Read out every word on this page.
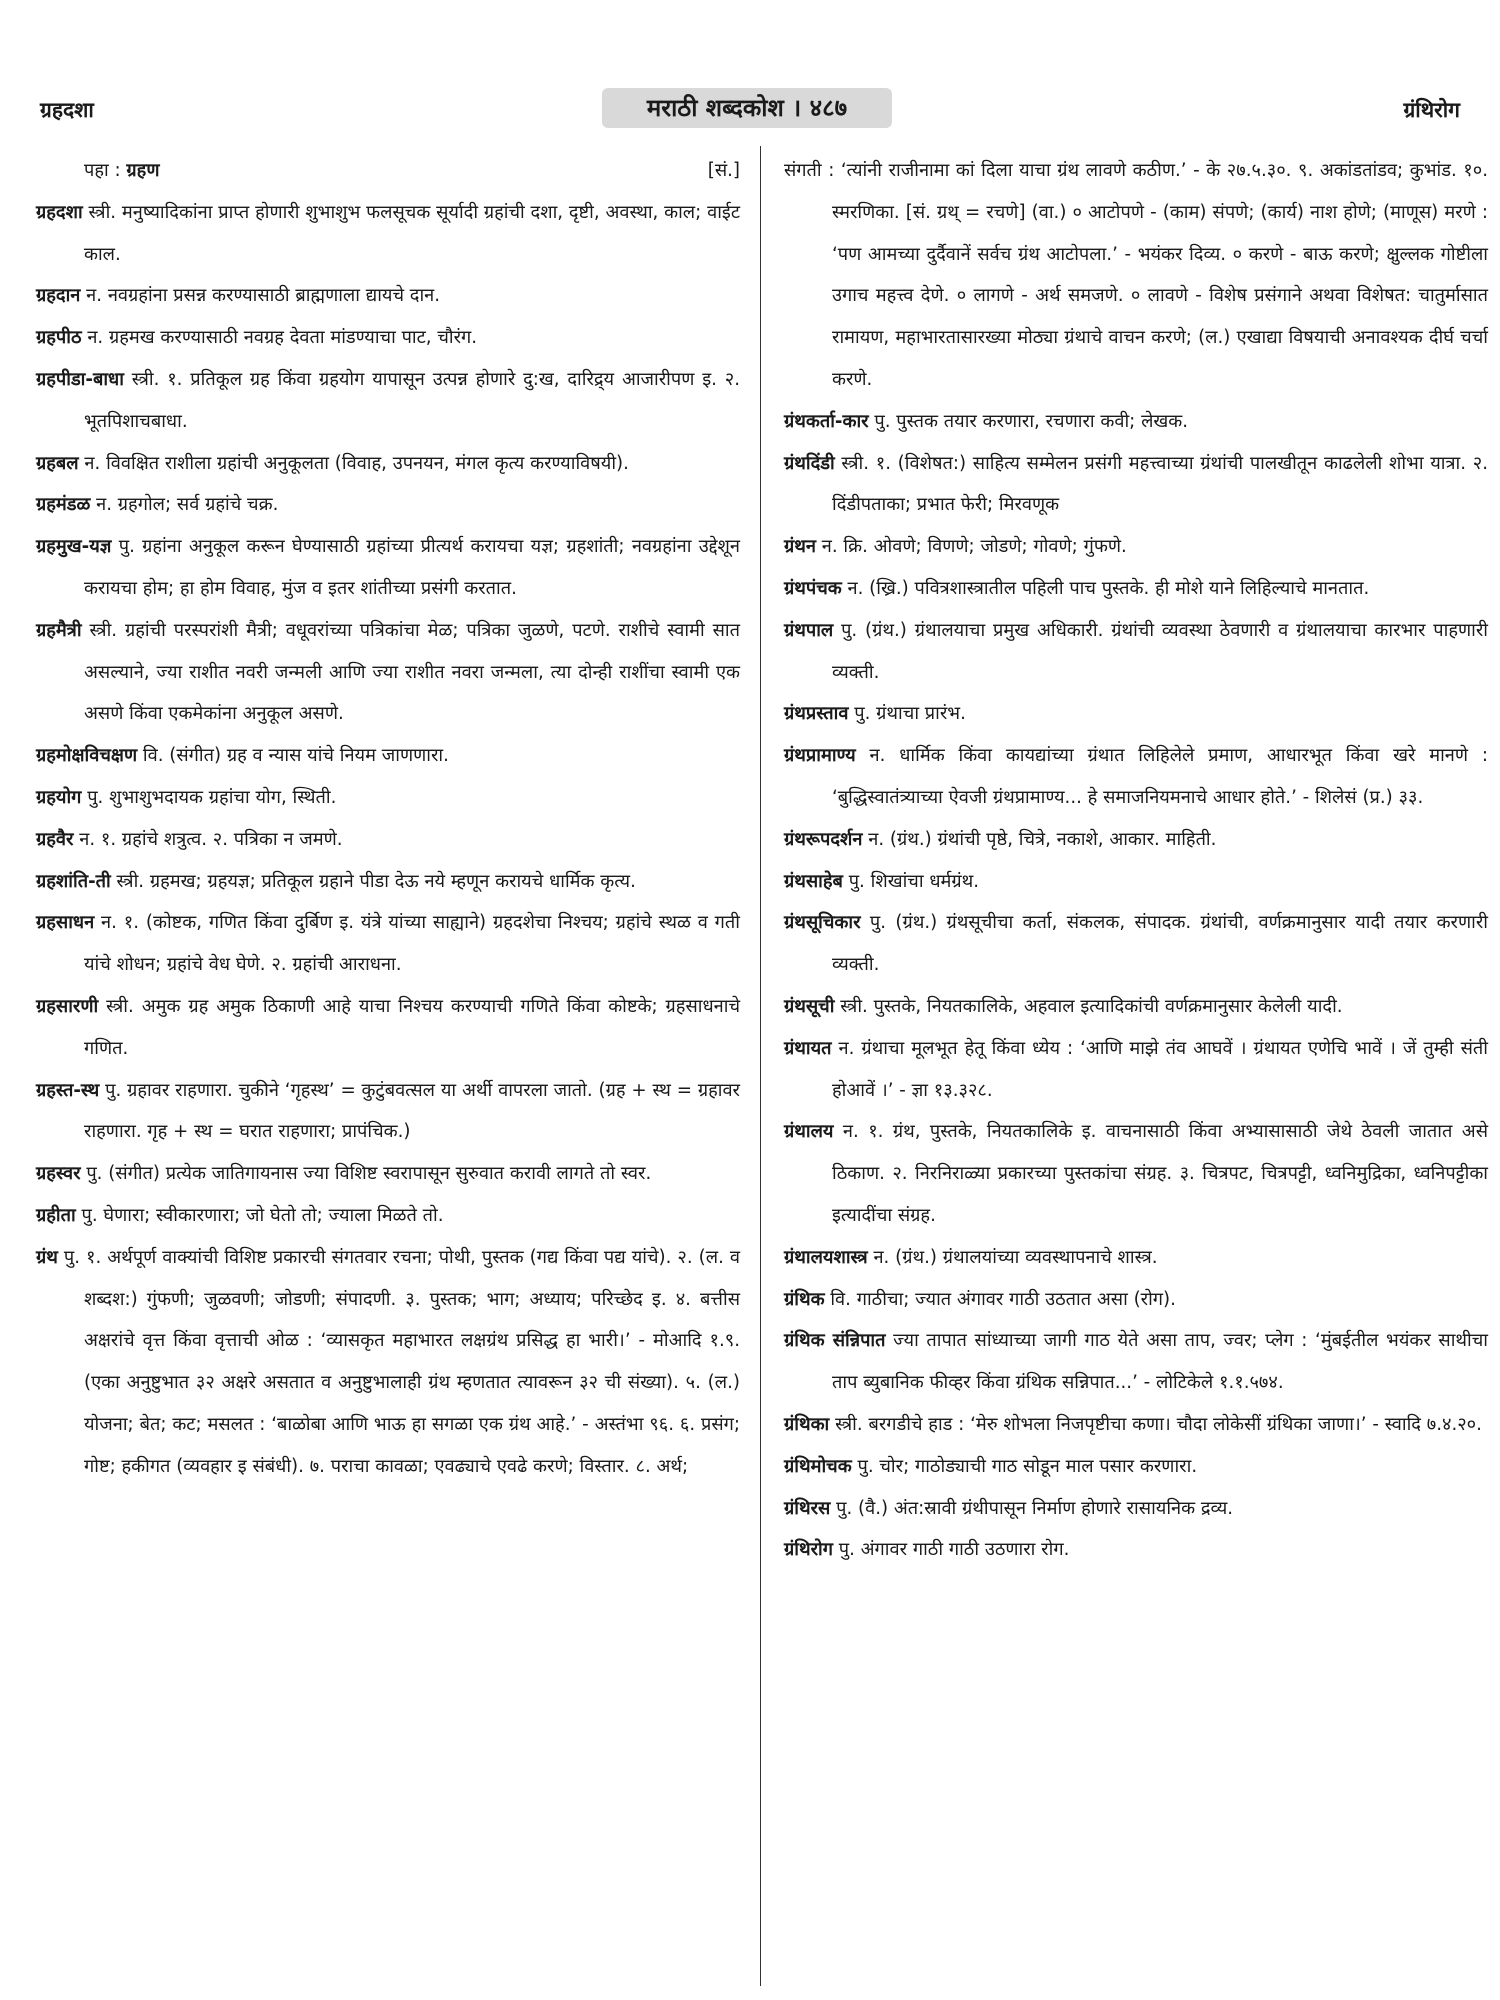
ग्रहदशा	मराठी शब्दकोश । ४८७	ग्रंथिरोग
पहा : ग्रहण	[सं.]

ग्रहदशा स्त्री. मनुष्यादिकांना प्राप्त होणारी शुभाशुभ फलसूचक सूर्यादी ग्रहांची दशा, दृष्टी, अवस्था, काल; वाईट काल.

ग्रहदान न. नवग्रहांना प्रसन्न करण्यासाठी ब्राह्मणाला द्यायचे दान.

ग्रहपीठ न. ग्रहमख करण्यासाठी नवग्रह देवता मांडण्याचा पाट, चौरंग.

ग्रहपीडा-बाधा स्त्री. १. प्रतिकूल ग्रह किंवा ग्रहयोग यापासून उत्पन्न होणारे दु:ख, दारिद्र्य आजारीपण इ. २. भूतपिशाचबाधा.

ग्रहबल न. विवक्षित राशीला ग्रहांची अनुकूलता (विवाह, उपनयन, मंगल कृत्य करण्याविषयी).

ग्रहमंडळ न. ग्रहगोल; सर्व ग्रहांचे चक्र.

ग्रहमुख-यज्ञ पु. ग्रहांना अनुकूल करून घेण्यासाठी ग्रहांच्या प्रीत्यर्थ करायचा यज्ञ; ग्रहशांती; नवग्रहांना उद्देशून करायचा होम; हा होम विवाह, मुंज व इतर शांतीच्या प्रसंगी करतात.

ग्रहमैत्री स्त्री. ग्रहांची परस्परांशी मैत्री; वधूवरांच्या पत्रिकांचा मेळ; पत्रिका जुळणे, पटणे. राशीचे स्वामी सात असल्याने, ज्या राशीत नवरी जन्मली आणि ज्या राशीत नवरा जन्मला, त्या दोन्ही राशींचा स्वामी एक असणे किंवा एकमेकांना अनुकूल असणे.

ग्रहमोक्षविचक्षण वि. (संगीत) ग्रह व न्यास यांचे नियम जाणणारा.

ग्रहयोग पु. शुभाशुभदायक ग्रहांचा योग, स्थिती.

ग्रहवैर न. १. ग्रहांचे शत्रुत्व. २. पत्रिका न जमणे.

ग्रहशांति-ती स्त्री. ग्रहमख; ग्रहयज्ञ; प्रतिकूल ग्रहाने पीडा देऊ नये म्हणून करायचे धार्मिक कृत्य.

ग्रहसाधन न. १. (कोष्टक, गणित किंवा दुर्बिण इ. यंत्रे यांच्या साह्याने) ग्रहदशेचा निश्चय; ग्रहांचे स्थळ व गती यांचे शोधन; ग्रहांचे वेध घेणे. २. ग्रहांची आराधना.

ग्रहसारणी स्त्री. अमुक ग्रह अमुक ठिकाणी आहे याचा निश्चय करण्याची गणिते किंवा कोष्टके; ग्रहसाधनाचे गणित.

ग्रहस्त-स्थ पु. ग्रहावर राहणारा. चुकीने ‘गृहस्थ’ = कुटुंबवत्सल या अर्थी वापरला जातो. (ग्रह + स्थ = ग्रहावर राहणारा. गृह + स्थ = घरात राहणारा; प्रापंचिक.)

ग्रहस्वर पु. (संगीत) प्रत्येक जातिगायनास ज्या विशिष्ट स्वरापासून सुरुवात करावी लागते तो स्वर.

ग्रहीता पु. घेणारा; स्वीकारणारा; जो घेतो तो; ज्याला मिळते तो.

ग्रंथ पु. १. अर्थपूर्ण वाक्यांची विशिष्ट प्रकारची संगतवार रचना; पोथी, पुस्तक (गद्य किंवा पद्य यांचे). २. (ल. व शब्दश:) गुंफणी; जुळवणी; जोडणी; संपादणी. ३. पुस्तक; भाग; अध्याय; परिच्छेद इ. ४. बत्तीस अक्षरांचे वृत्त किंवा वृत्ताची ओळ : ‘व्यासकृत महाभारत लक्षग्रंथ प्रसिद्ध हा भारी।’ - मोआदि १.९. (एका अनुष्टुभात ३२ अक्षरे असतात व अनुष्टुभालाही ग्रंथ म्हणतात त्यावरून ३२ ची संख्या). ५. (ल.) योजना; बेत; कट; मसलत : ‘बाळोबा आणि भाऊ हा सगळा एक ग्रंथ आहे.’ - अस्तंभा ९६. ६. प्रसंग; गोष्ट; हकीगत (व्यवहार इ संबंधी). ७. पराचा कावळा; एवढ्याचे एवढे करणे; विस्तार. ८. अर्थ;

संगती : ‘त्यांनी राजीनामा कां दिला याचा ग्रंथ लावणे कठीण.’ - के २७.५.३०. ९. अकांडतांडव; कुभांड. १०. स्मरणिका. [सं. ग्रथ् = रचणे] (वा.) ० आटोपणे - (काम) संपणे; (कार्य) नाश होणे; (माणूस) मरणे : ‘पण आमच्या दुर्दैवानें सर्वच ग्रंथ आटोपला.’ - भयंकर दिव्य. ० करणे - बाऊ करणे; क्षुल्लक गोष्टीला उगाच महत्त्व देणे. ० लागणे - अर्थ समजणे. ० लावणे - विशेष प्रसंगाने अथवा विशेषत: चातुर्मासात रामायण, महाभारतासारख्या मोठ्या ग्रंथाचे वाचन करणे; (ल.) एखाद्या विषयाची अनावश्यक दीर्घ चर्चा करणे.

ग्रंथकर्ता-कार पु. पुस्तक तयार करणारा, रचणारा कवी; लेखक.

ग्रंथदिंडी स्त्री. १. (विशेषत:) साहित्य सम्मेलन प्रसंगी महत्त्वाच्या ग्रंथांची पालखीतून काढलेली शोभा यात्रा. २. दिंडीपताका; प्रभात फेरी; मिरवणूक

ग्रंथन न. क्रि. ओवणे; विणणे; जोडणे; गोवणे; गुंफणे.

ग्रंथपंचक न. (ख्रि.) पवित्रशास्त्रातील पहिली पाच पुस्तके. ही मोशे याने लिहिल्याचे मानतात.

ग्रंथपाल पु. (ग्रंथ.) ग्रंथालयाचा प्रमुख अधिकारी. ग्रंथांची व्यवस्था ठेवणारी व ग्रंथालयाचा कारभार पाहणारी व्यक्ती.

ग्रंथप्रस्ताव पु. ग्रंथाचा प्रारंभ.

ग्रंथप्रामाण्य न. धार्मिक किंवा कायद्यांच्या ग्रंथात लिहिलेले प्रमाण, आधारभूत किंवा खरे मानणे : ‘बुद्धिस्वातंत्र्याच्या ऐवजी ग्रंथप्रामाण्य... हे समाजनियमनाचे आधार होते.’ - शिलेसं (प्र.) ३३.

ग्रंथरूपदर्शन न. (ग्रंथ.) ग्रंथांची पृष्ठे, चित्रे, नकाशे, आकार. माहिती.

ग्रंथसाहेब पु. शिखांचा धर्मग्रंथ.

ग्रंथसूचिकार पु. (ग्रंथ.) ग्रंथसूचीचा कर्ता, संकलक, संपादक. ग्रंथांची, वर्णक्रमानुसार यादी तयार करणारी व्यक्ती.

ग्रंथसूची स्त्री. पुस्तके, नियतकालिके, अहवाल इत्यादिकांची वर्णक्रमानुसार केलेली यादी.

ग्रंथायत न. ग्रंथाचा मूलभूत हेतू किंवा ध्येय : ‘आणि माझे तंव आघवें । ग्रंथायत एणेचि भावें । जें तुम्ही संती होआवें ।’ - ज्ञा १३.३२८.

ग्रंथालय न. १. ग्रंथ, पुस्तके, नियतकालिके इ. वाचनासाठी किंवा अभ्यासासाठी जेथे ठेवली जातात असे ठिकाण. २. निरनिराळ्या प्रकारच्या पुस्तकांचा संग्रह. ३. चित्रपट, चित्रपट्टी, ध्वनिमुद्रिका, ध्वनिपट्टीका इत्यादींचा संग्रह.

ग्रंथालयशास्त्र न. (ग्रंथ.) ग्रंथालयांच्या व्यवस्थापनाचे शास्त्र.

ग्रंथिक वि. गाठीचा; ज्यात अंगावर गाठी उठतात असा (रोग).

ग्रंथिक संन्निपात ज्या तापात सांध्याच्या जागी गाठ येते असा ताप, ज्वर; प्लेग : ‘मुंबईतील भयंकर साथीचा ताप ब्युबानिक फीव्हर किंवा ग्रंथिक सन्निपात...’ - लोटिकेले १.१.५७४.

ग्रंथिका स्त्री. बरगडीचे हाड : ‘मेरु शोभला निजपृष्टीचा कणा। चौदा लोकेसीं ग्रंथिका जाणा।’ - स्वादि ७.४.२०.

ग्रंथिमोचक पु. चोर; गाठोड्याची गाठ सोडून माल पसार करणारा.

ग्रंथिरस पु. (वै.) अंत:स्रावी ग्रंथीपासून निर्माण होणारे रासायनिक द्रव्य.

ग्रंथिरोग पु. अंगावर गाठी गाठी उठणारा रोग.
